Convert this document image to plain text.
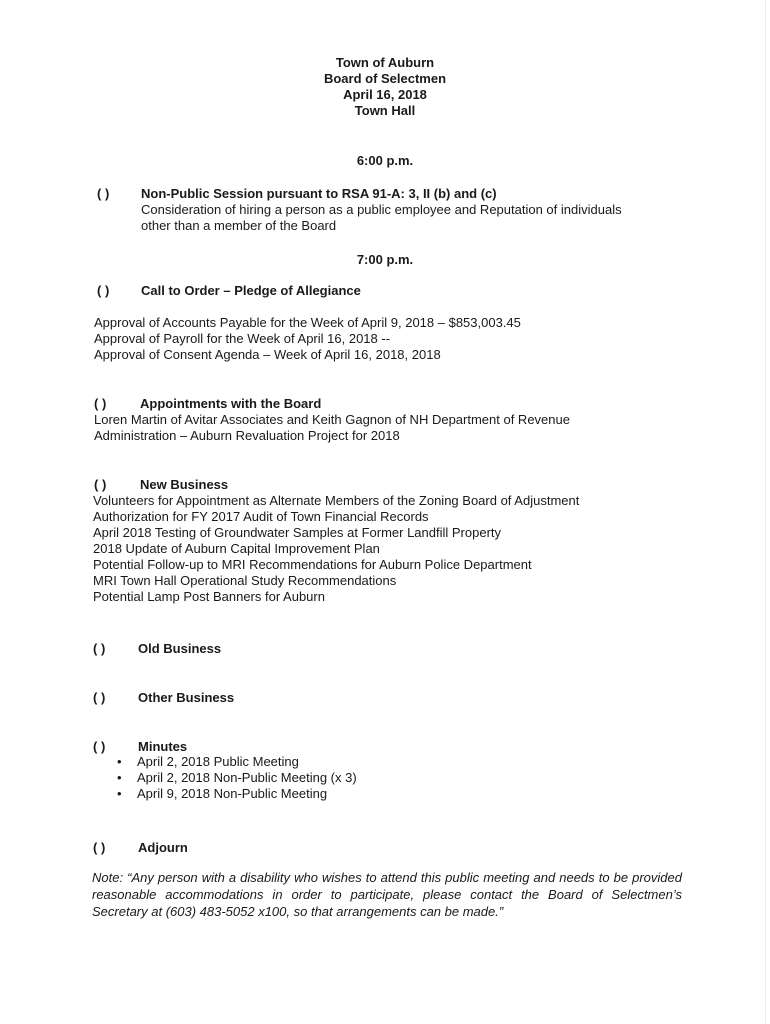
Town of Auburn
Board of Selectmen
April 16, 2018
Town Hall
6:00 p.m.
( ) Non-Public Session pursuant to RSA 91-A: 3, II (b) and (c)
Consideration of hiring a person as a public employee and Reputation of individuals
other than a member of the Board
7:00 p.m.
( ) Call to Order – Pledge of Allegiance
Approval of Accounts Payable for the Week of April 9, 2018 – $853,003.45
Approval of Payroll for the Week of April 16, 2018 --
Approval of Consent Agenda – Week of April 16, 2018, 2018
( )	Appointments with the Board
Loren Martin of Avitar Associates and Keith Gagnon of NH Department of Revenue
Administration – Auburn Revaluation Project for 2018
( )	New Business
Volunteers for Appointment as Alternate Members of the Zoning Board of Adjustment
Authorization for FY 2017 Audit of Town Financial Records
April 2018 Testing of Groundwater Samples at Former Landfill Property
2018 Update of Auburn Capital Improvement Plan
Potential Follow-up to MRI Recommendations for Auburn Police Department
MRI Town Hall Operational Study Recommendations
Potential Lamp Post Banners for Auburn
( )	Old Business
( )	Other Business
( )	Minutes
• April 2, 2018 Public Meeting
• April 2, 2018 Non-Public Meeting (x 3)
• April 9, 2018 Non-Public Meeting
( )	Adjourn
Note: “Any person with a disability who wishes to attend this public meeting and needs to be provided reasonable accommodations in order to participate, please contact the Board of Selectmen’s Secretary at (603) 483-5052 x100, so that arrangements can be made.”
